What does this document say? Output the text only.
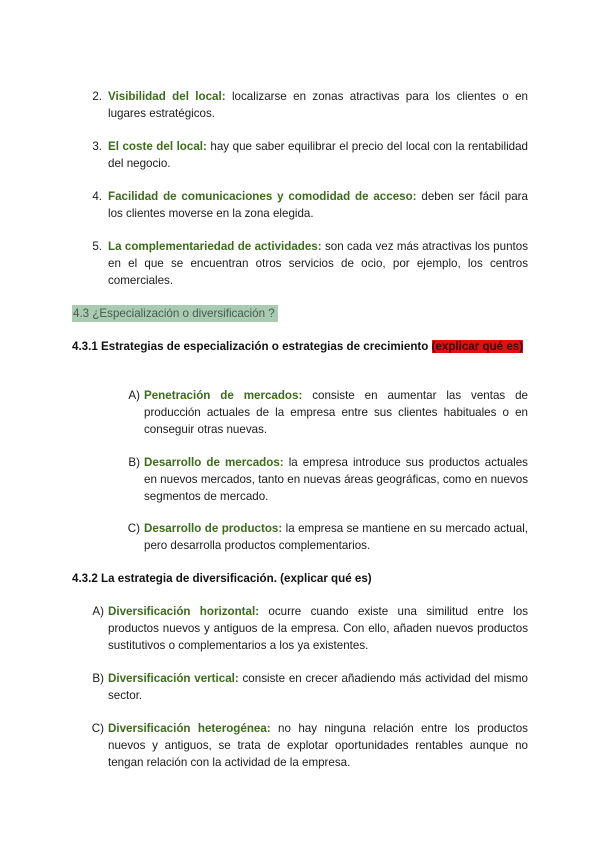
2. Visibilidad del local: localizarse en zonas atractivas para los clientes o en lugares estratégicos.
3. El coste del local: hay que saber equilibrar el precio del local con la rentabilidad del negocio.
4. Facilidad de comunicaciones y comodidad de acceso: deben ser fácil para los clientes moverse en la zona elegida.
5. La complementariedad de actividades: son cada vez más atractivas los puntos en el que se encuentran otros servicios de ocio, por ejemplo, los centros comerciales.
4.3 ¿Especialización o diversificación ?
4.3.1 Estrategias de especialización o estrategias de crecimiento (explicar qué es)
A) Penetración de mercados: consiste en aumentar las ventas de producción actuales de la empresa entre sus clientes habituales o en conseguir otras nuevas.
B) Desarrollo de mercados: la empresa introduce sus productos actuales en nuevos mercados, tanto en nuevas áreas geográficas, como en nuevos segmentos de mercado.
C) Desarrollo de productos: la empresa se mantiene en su mercado actual, pero desarrolla productos complementarios.
4.3.2 La estrategia de diversificación. (explicar qué es)
A) Diversificación horizontal: ocurre cuando existe una similitud entre los productos nuevos y antiguos de la empresa. Con ello, añaden nuevos productos sustitutivos o complementarios a los ya existentes.
B) Diversificación vertical: consiste en crecer añadiendo más actividad del mismo sector.
C) Diversificación heterogénea: no hay ninguna relación entre los productos nuevos y antiguos, se trata de explotar oportunidades rentables aunque no tengan relación con la actividad de la empresa.
